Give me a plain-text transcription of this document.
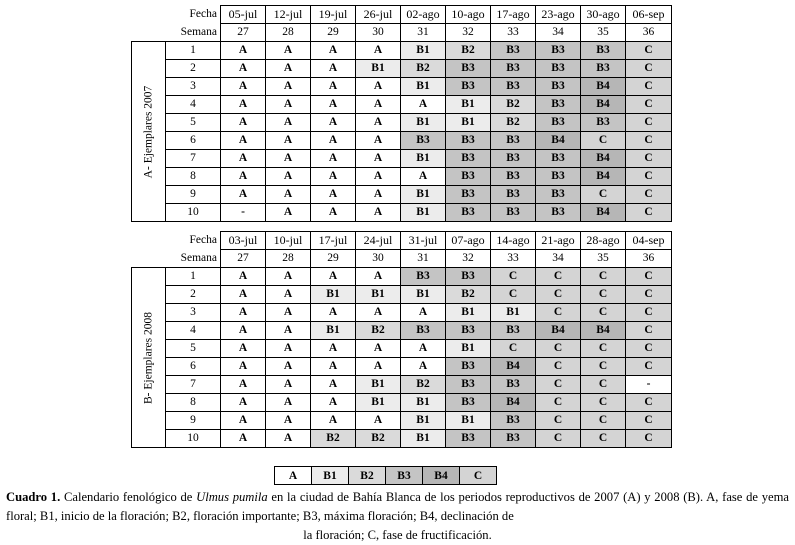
	Fecha	05-jul	12-jul	19-jul	26-jul	02-ago	10-ago	17-ago	23-ago	30-ago	06-sep
	Semana	27	28	29	30	31	32	33	34	35	36

A- Ejemplares 2007	1	A	A	A	A	B1	B2	B3	B3	B3	C
	2	A	A	A	B1	B2	B3	B3	B3	B3	C
	3	A	A	A	A	B1	B3	B3	B3	B4	C
	4	A	A	A	A	A	B1	B2	B3	B4	C
	5	A	A	A	A	B1	B1	B2	B3	B3	C
	6	A	A	A	A	B3	B3	B3	B4	C	C
	7	A	A	A	A	B1	B3	B3	B3	B4	C
	8	A	A	A	A	A	B3	B3	B3	B4	C
	9	A	A	A	A	B1	B3	B3	B3	C	C
	10	-	A	A	A	B1	B3	B3	B3	B4	C
	Fecha	03-jul	10-jul	17-jul	24-jul	31-jul	07-ago	14-ago	21-ago	28-ago	04-sep
	Semana	27	28	29	30	31	32	33	34	35	36

B- Ejemplares 2008	1	A	A	A	A	B3	B3	C	C	C	C
	2	A	A	B1	B1	B1	B2	C	C	C	C
	3	A	A	A	A	A	B1	B1	C	C	C
	4	A	A	B1	B2	B3	B3	B3	B4	B4	C
	5	A	A	A	A	A	B1	C	C	C	C
	6	A	A	A	A	A	B3	B4	C	C	C
	7	A	A	A	B1	B2	B3	B3	C	C	-
	8	A	A	A	B1	B1	B3	B4	C	C	C
	9	A	A	A	A	B1	B1	B3	C	C	C
	10	A	A	B2	B2	B1	B3	B3	C	C	C
A	B1	B2	B3	B4	C
Cuadro 1. Calendario fenológico de Ulmus pumila en la ciudad de Bahía Blanca de los periodos reproductivos de 2007 (A) y 2008 (B). A, fase de yema floral; B1, inicio de la floración; B2, floración importante; B3, máxima floración; B4, declinación de
la floración; C, fase de fructificación.
